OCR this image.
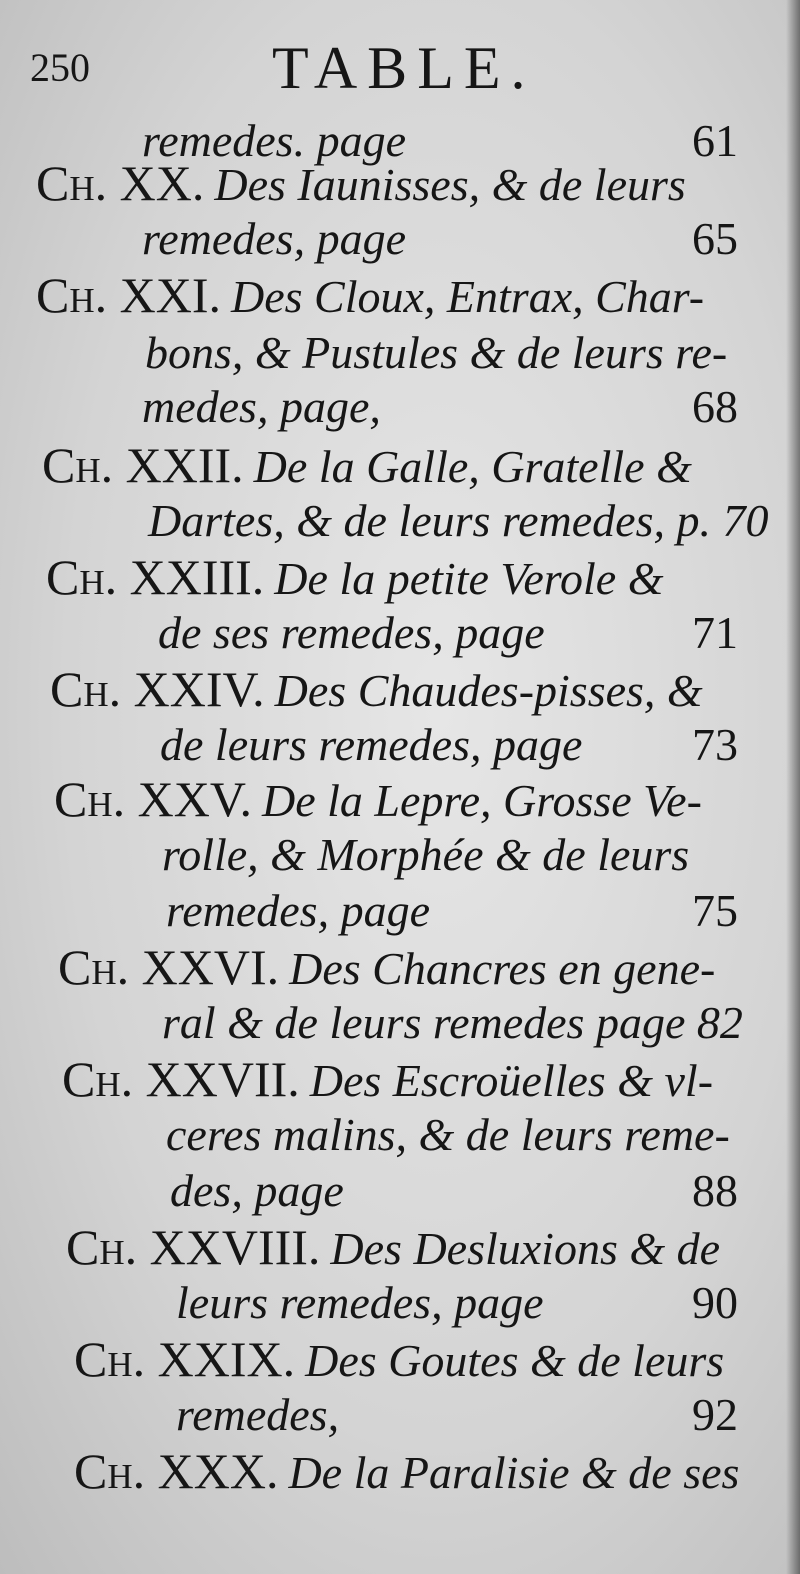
250	TABLE.
remedes. page	61
Ch. XX. Des Iaunisses, & de leurs
remedes, page	65
Ch. XXI. Des Cloux, Entrax, Char-
bons, & Pustules & de leurs re-
medes, page,	68
Ch. XXII. De la Galle, Gratelle &
Dartes, & de leurs remedes, p. 70
Ch. XXIII. De la petite Verole &
de ses remedes, page	71
Ch. XXIV. Des Chaudes-pisses, &
de leurs remedes, page 73
Ch. XXV. De la Lepre, Grosse Ve-
rolle, & Morphée & de leurs
remedes, page	75
Ch. XXVI. Des Chancres en gene-
ral & de leurs remedes page 82
Ch. XXVII. Des Escroüelles & vl-
ceres malins, & de leurs reme-
des, page	88
Ch. XXVIII. Des Desluxions & de
leurs remedes, page	90
Ch. XXIX. Des Goutes & de leurs
remedes,	92
Ch. XXX. De la Paralisie & de ses
